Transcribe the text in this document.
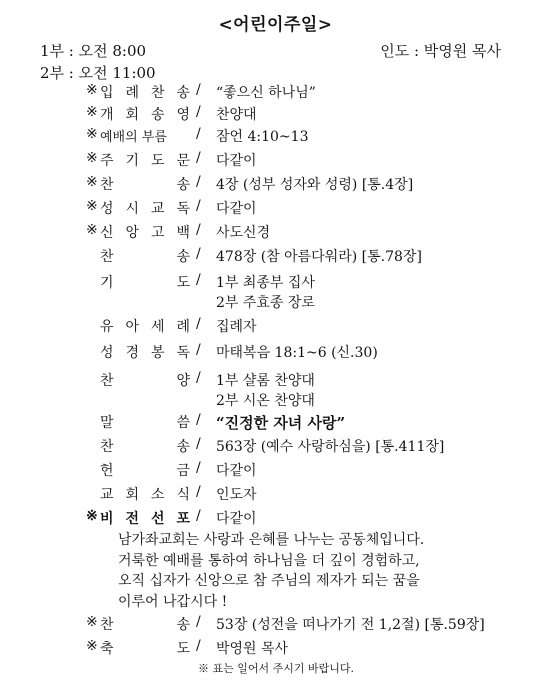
<어린이주일>
1부 : 오전 8:00
2부 : 오전 11:00
인도 : 박영원 목사
※ 입 례 찬 송 / “좋으신 하나님”
※ 개 회 송 영 / 찬양대
※ 예배의 부름	/ 잠언 4:10~13
※ 주 기 도 문 / 다같이
※ 찬	송 / 4장 (성부 성자와 성령) [통.4장]
※ 성 시 교 독 / 다같이
※ 신 앙 고 백 / 사도신경
찬	송 / 478장 (참 아름다워라) [통.78장]
기	도 / 1부 최종부 집사
2부 주효종 장로
유 아 세 례 / 집례자
성 경 봉 독 / 마태복음 18:1~6 (신.30)
찬	양 / 1부 샬롬 찬양대
2부 시온 찬양대
말	씀 / “진정한 자녀 사랑”
찬	송 / 563장 (예수 사랑하심을) [통.411장]
헌	금 / 다같이
교 회 소 식 / 인도자
※ 비 전 선 포 / 다같이
※ 찬	송 / 53장 (성전을 떠나가기 전 1,2절) [통.59장]
※ 축	도 / 박영원 목사
남가좌교회는 사랑과 은혜를 나누는 공동체입니다.
거룩한 예배를 통하여 하나님을 더 깊이 경험하고,
오직 십자가 신앙으로 참 주님의 제자가 되는 꿈을
이루어 나갑시다 !
※ 표는 일어서 주시기 바랍니다.
